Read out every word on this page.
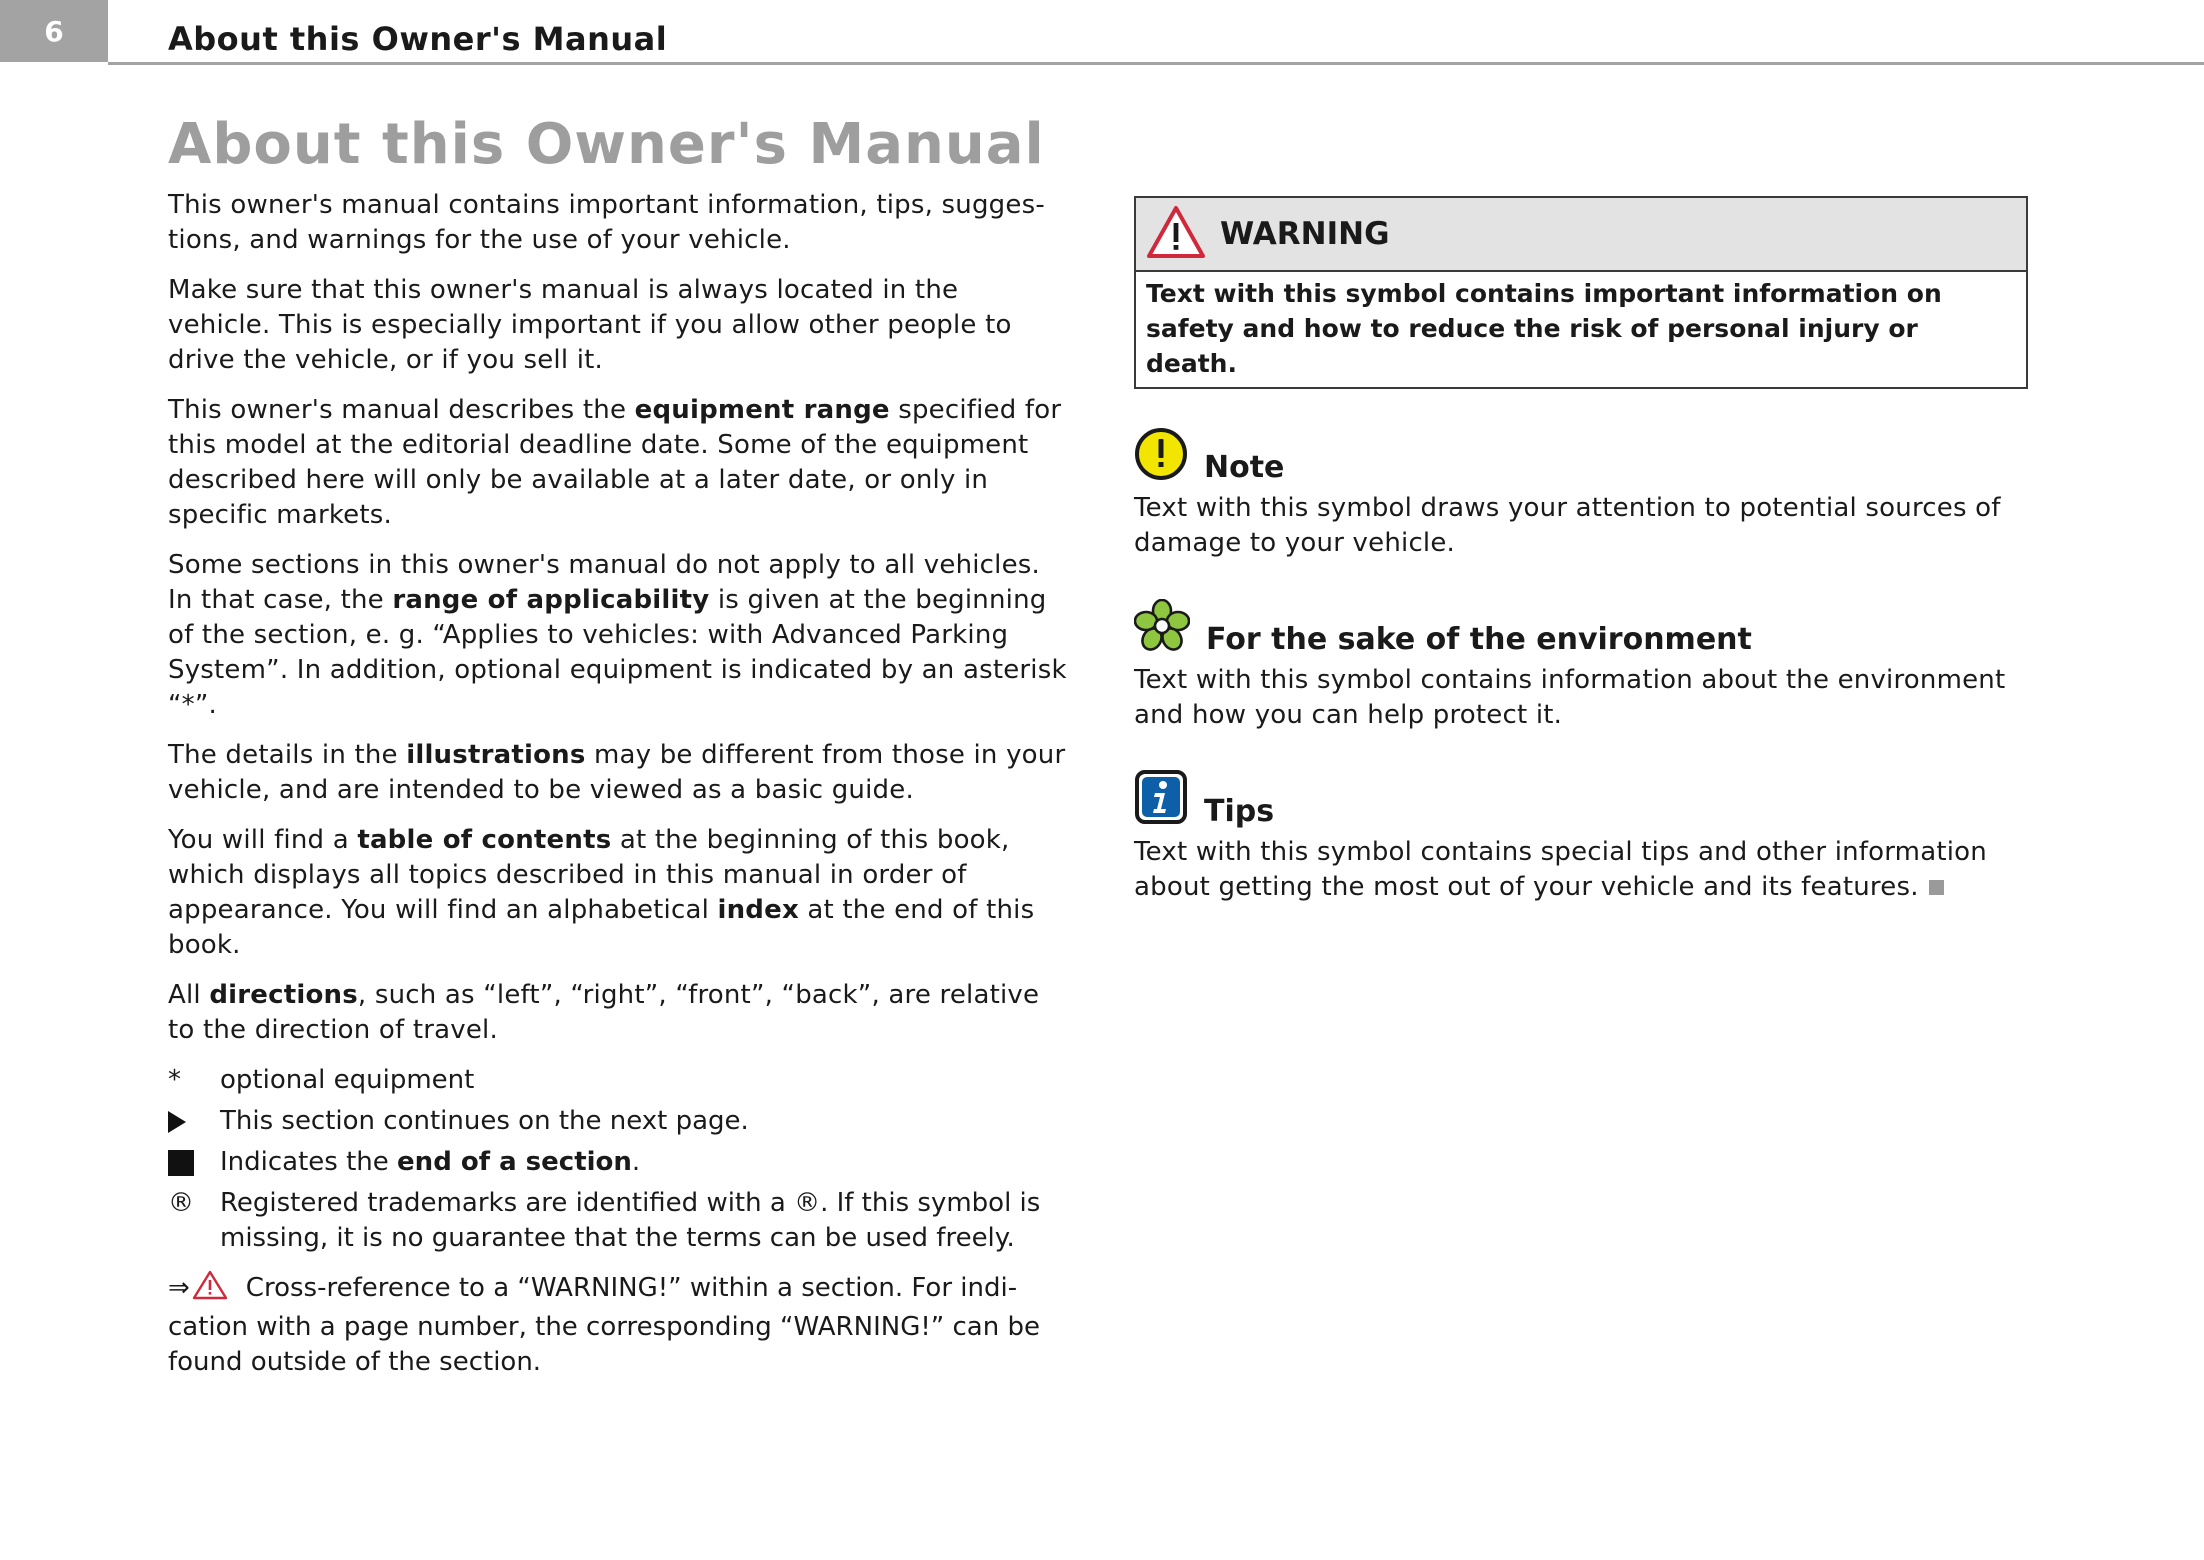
6	About this Owner's Manual
About this Owner's Manual

This owner's manual contains important information, tips, sugges-tions, and warnings for the use of your vehicle.

Make sure that this owner's manual is always located in the vehicle. This is especially important if you allow other people to drive the vehicle, or if you sell it.

This owner's manual describes the equipment range specified for this model at the editorial deadline date. Some of the equipment described here will only be available at a later date, or only in specific markets.

Some sections in this owner's manual do not apply to all vehicles. In that case, the range of applicability is given at the beginning of the section, e. g. “Applies to vehicles: with Advanced Parking System”. In addition, optional equipment is indicated by an asterisk “*”.

The details in the illustrations may be different from those in your vehicle, and are intended to be viewed as a basic guide.

You will find a table of contents at the beginning of this book, which displays all topics described in this manual in order of appearance. You will find an alphabetical index at the end of this book.

All directions, such as “left”, “right”, “front”, “back”, are relative to the direction of travel.

* optional equipment
This section continues on the next page.
Indicates the end of a section.
® Registered trademarks are identified with a ®. If this symbol is missing, it is no guarantee that the terms can be used freely.

⇒ Cross-reference to a “WARNING!” within a section. For indi-cation with a page number, the corresponding “WARNING!” can be found outside of the section.

WARNING
Text with this symbol contains important information on safety and how to reduce the risk of personal injury or death.
Note
Text with this symbol draws your attention to potential sources of damage to your vehicle.
For the sake of the environment
Text with this symbol contains information about the environment and how you can help protect it.
Tips
Text with this symbol contains special tips and other information about getting the most out of your vehicle and its features.
